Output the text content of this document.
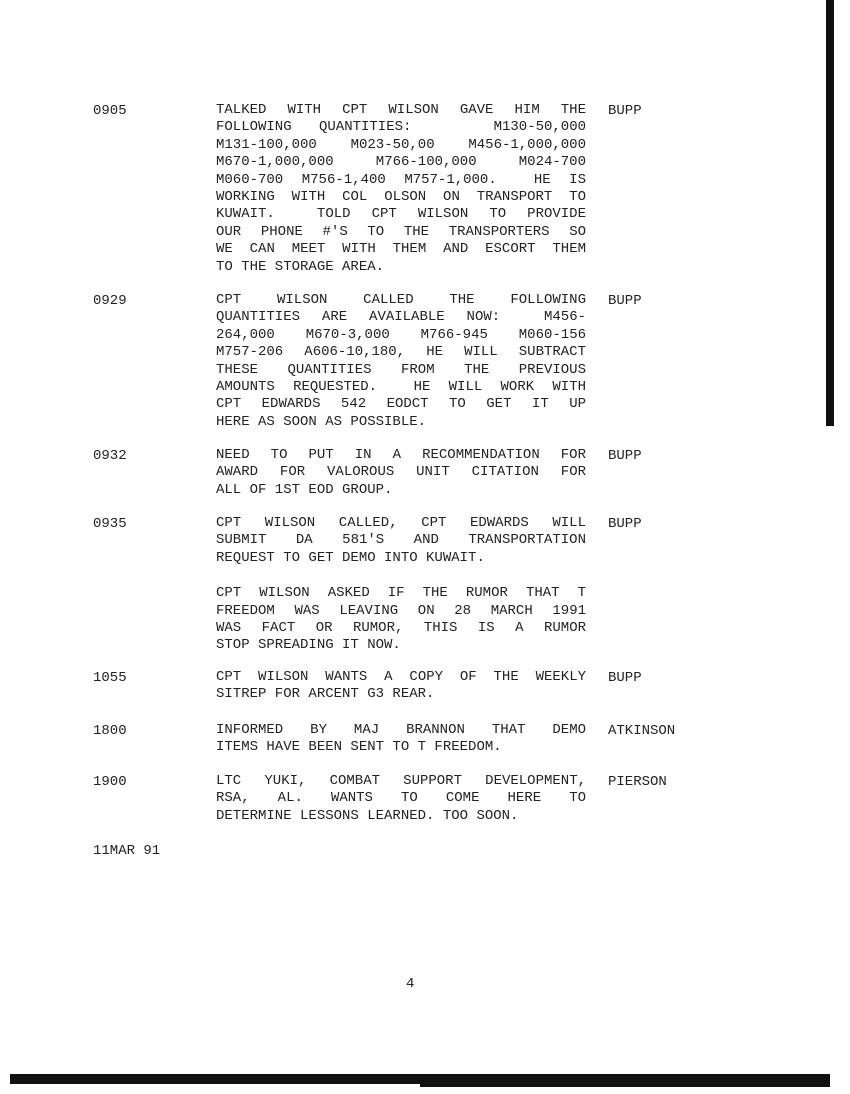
0905	TALKED WITH CPT WILSON GAVE HIM THE
FOLLOWING  QUANTITIES:      M130-50,000
M131-100,000 M023-50,00 M456-1,000,000
M670-1,000,000  M766-100,000  M024-700
M060-700 M756-1,400 M757-1,000.  HE IS
WORKING WITH COL OLSON ON TRANSPORT TO
KUWAIT.  TOLD CPT WILSON TO PROVIDE
OUR PHONE #'S TO THE TRANSPORTERS SO
WE CAN MEET WITH THEM AND ESCORT THEM
TO THE STORAGE AREA.
BUPP
0929	CPT  WILSON  CALLED  THE  FOLLOWING
QUANTITIES ARE AVAILABLE NOW:  M456-
264,000 M670-3,000 M766-945 M060-156
M757-206 A606-10,180, HE WILL SUBTRACT
THESE  QUANTITIES  FROM  THE  PREVIOUS
AMOUNTS REQUESTED.  HE WILL WORK WITH
CPT EDWARDS 542 EODCT TO GET IT UP
HERE AS SOON AS POSSIBLE.
BUPP
0932	NEED TO PUT IN A RECOMMENDATION FOR
AWARD FOR VALOROUS UNIT CITATION FOR
ALL OF 1ST EOD GROUP.
BUPP
0935	CPT WILSON CALLED, CPT EDWARDS WILL
SUBMIT  DA  581'S  AND  TRANSPORTATION
REQUEST TO GET DEMO INTO KUWAIT.
CPT WILSON ASKED IF THE RUMOR THAT T
FREEDOM WAS LEAVING ON 28 MARCH 1991
WAS FACT OR RUMOR, THIS IS A RUMOR
STOP SPREADING IT NOW.
BUPP
1055	CPT WILSON WANTS A COPY OF THE WEEKLY
SITREP FOR ARCENT G3 REAR.
BUPP
1800	INFORMED BY MAJ BRANNON THAT DEMO
ITEMS HAVE BEEN SENT TO T FREEDOM.
ATKINSON
1900	LTC YUKI, COMBAT SUPPORT DEVELOPMENT,
RSA,  AL.  WANTS  TO  COME  HERE  TO
DETERMINE LESSONS LEARNED. TOO SOON.
PIERSON
11MAR 91
4
